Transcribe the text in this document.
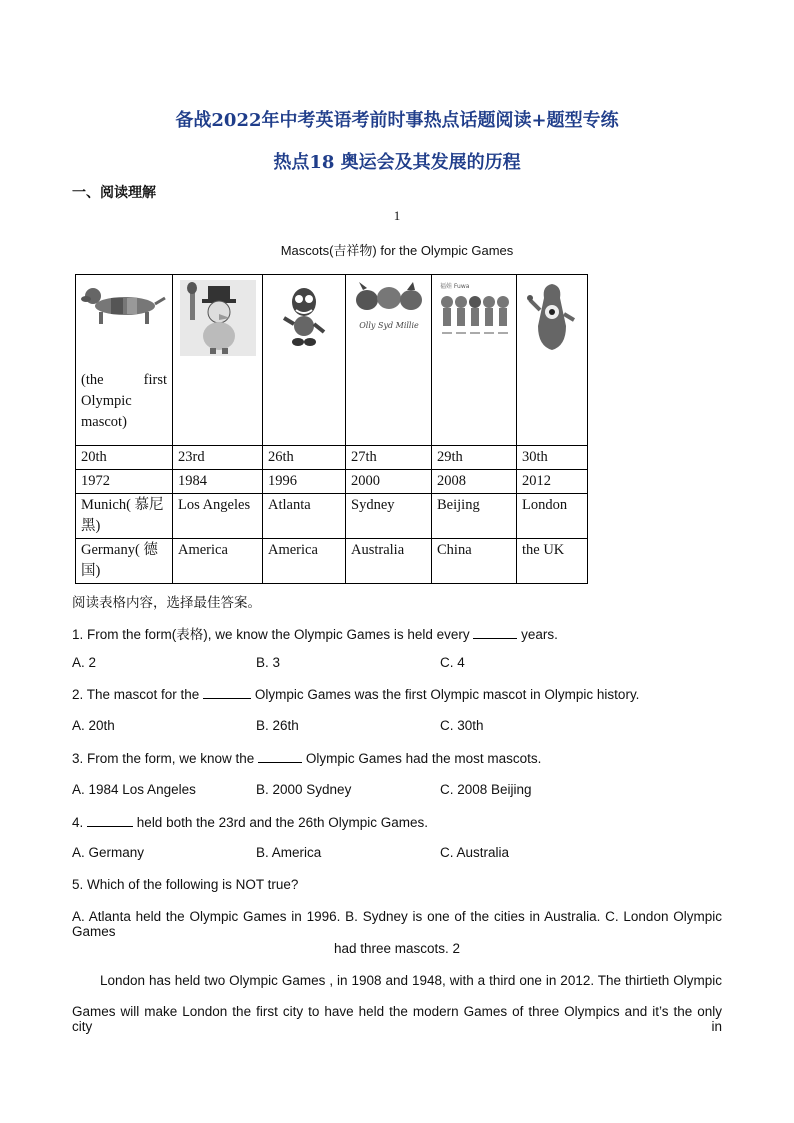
备战2022年中考英语考前时事热点话题阅读+题型专练
热点18 奥运会及其发展的历程
一、阅读理解
1
Mascots(吉祥物) for the Olympic Games
(the first Olympic mascot)			Olly Syd Millie	福娃 Fuwa

20th	23rd	26th	27th	29th	30th
1972	1984	1996	2000	2008	2012
Munich( 慕尼黑)	Los Angeles	Atlanta	Sydney	Beijing	London
Germany( 德国)	America	America	Australia	China	the UK
阅读表格内容，选择最佳答案。
1. From the form(表格), we know the Olympic Games is held every	years.
A. 2	B. 3	C. 4
2. The mascot for the	Olympic Games was the first Olympic mascot in Olympic history.
A. 20th	B. 26th	C. 30th
3. From the form, we know the	Olympic Games had the most mascots.
A. 1984 Los Angeles	B. 2000 Sydney	C. 2008 Beijing
4.	held both the 23rd and the 26th Olympic Games.
A. Germany	B. America	C. Australia
5. Which of the following is NOT true?
A. Atlanta held the Olympic Games in 1996. B. Sydney is one of the cities in Australia. C. London Olympic Games
had three mascots. 2
London has held two Olympic Games , in 1908 and 1948, with a third one in 2012. The thirtieth Olympic
Games will make London the first city to have held the modern Games of three Olympics and it’s the only city in
